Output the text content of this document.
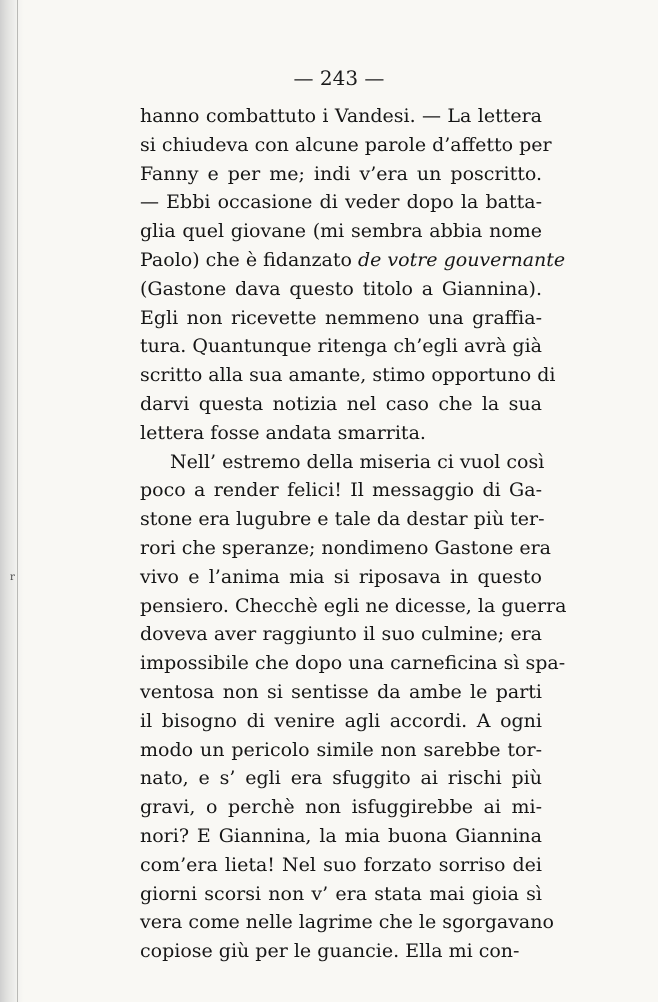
r
— 243 —
hanno combattuto i Vandesi. — La lettera
si chiudeva con alcune parole d’affetto per
Fanny e per me; indi v’era un poscritto.
— Ebbi occasione di veder dopo la batta-
glia quel giovane (mi sembra abbia nome
Paolo) che è fidanzato de votre gouvernante
(Gastone dava questo titolo a Giannina).
Egli non ricevette nemmeno una graffia-
tura. Quantunque ritenga ch’egli avrà già
scritto alla sua amante, stimo opportuno di
darvi questa notizia nel caso che la sua
lettera fosse andata smarrita.
Nell’ estremo della miseria ci vuol così
poco a render felici! Il messaggio di Ga-
stone era lugubre e tale da destar più ter-
rori che speranze; nondimeno Gastone era
vivo e l’anima mia si riposava in questo
pensiero. Checchè egli ne dicesse, la guerra
doveva aver raggiunto il suo culmine; era
impossibile che dopo una carneficina sì spa-
ventosa non si sentisse da ambe le parti
il bisogno di venire agli accordi. A ogni
modo un pericolo simile non sarebbe tor-
nato, e s’ egli era sfuggito ai rischi più
gravi, o perchè non isfuggirebbe ai mi-
nori? E Giannina, la mia buona Giannina
com’era lieta! Nel suo forzato sorriso dei
giorni scorsi non v’ era stata mai gioia sì
vera come nelle lagrime che le sgorgavano
copiose giù per le guancie. Ella mi con-
